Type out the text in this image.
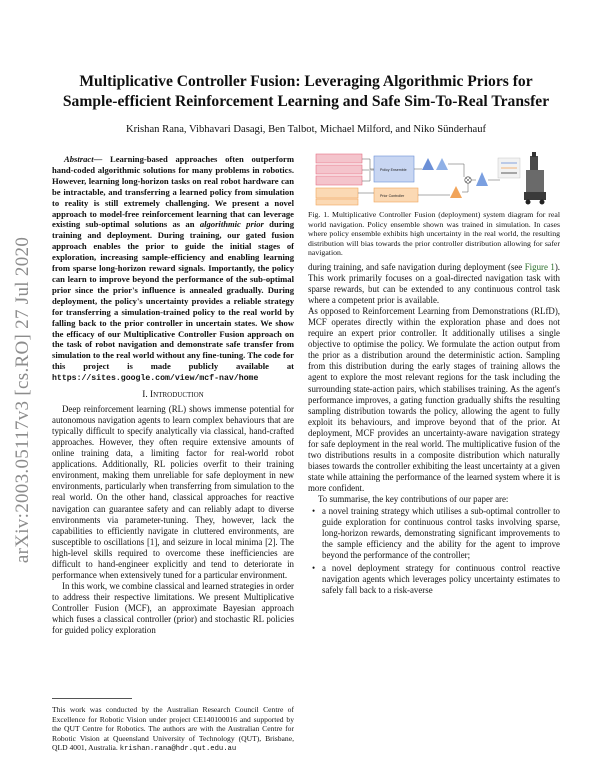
arXiv:2003.05117v3 [cs.RO] 27 Jul 2020
Multiplicative Controller Fusion: Leveraging Algorithmic Priors for
Sample-efficient Reinforcement Learning and Safe Sim-To-Real Transfer
Krishan Rana, Vibhavari Dasagi, Ben Talbot, Michael Milford, and Niko Sünderhauf
Policy Ensemble
Prior Controller
Fig. 1. Multiplicative Controller Fusion (deployment) system diagram for real world navigation. Policy ensemble shown was trained in simulation. In cases where policy ensemble exhibits high uncertainty in the real world, the resulting distribution will bias towards the prior controller distribution allowing for safer navigation.

Abstract— Learning-based approaches often outperform hand-coded algorithmic solutions for many problems in robotics. However, learning long-horizon tasks on real robot hardware can be intractable, and transferring a learned policy from simulation to reality is still extremely challenging. We present a novel approach to model-free reinforcement learning that can leverage existing sub-optimal solutions as an algorithmic prior during training and deployment. During training, our gated fusion approach enables the prior to guide the initial stages of exploration, increasing sample-efficiency and enabling learning from sparse long-horizon reward signals. Importantly, the policy can learn to improve beyond the performance of the sub-optimal prior since the prior's influence is annealed gradually. During deployment, the policy's uncertainty provides a reliable strategy for transferring a simulation-trained policy to the real world by falling back to the prior controller in uncertain states. We show the efficacy of our Multiplicative Controller Fusion approach on the task of robot navigation and demonstrate safe transfer from simulation to the real world without any fine-tuning. The code for this project is made publicly available at https://sites.google.com/view/mcf-nav/home

I. Introduction

Deep reinforcement learning (RL) shows immense potential for autonomous navigation agents to learn complex behaviours that are typically difficult to specify analytically via classical, hand-crafted approaches. However, they often require extensive amounts of online training data, a limiting factor for real-world robot applications. Additionally, RL policies overfit to their training environment, making them unreliable for safe deployment in new environments, particularly when transferring from simulation to the real world. On the other hand, classical approaches for reactive navigation can guarantee safety and can reliably adapt to diverse environments via parameter-tuning. They, however, lack the capabilities to efficiently navigate in cluttered environments, are susceptible to oscillations [1], and seizure in local minima [2]. The high-level skills required to overcome these inefficiencies are difficult to hand-engineer explicitly and tend to deteriorate in performance when extensively tuned for a particular environment.

In this work, we combine classical and learned strategies in order to address their respective limitations. We present Multiplicative Controller Fusion (MCF), an approximate Bayesian approach which fuses a classical controller (prior) and stochastic RL policies for guided policy exploration

This work was conducted by the Australian Research Council Centre of Excellence for Robotic Vision under project CE140100016 and supported by the QUT Centre for Robotics. The authors are with the Australian Centre for Robotic Vision at Queensland University of Technology (QUT), Brisbane, QLD 4001, Australia. krishan.rana@hdr.qut.edu.au

during training, and safe navigation during deployment (see Figure 1). This work primarily focuses on a goal-directed navigation task with sparse rewards, but can be extended to any continuous control task where a competent prior is available.

As opposed to Reinforcement Learning from Demonstrations (RLfD), MCF operates directly within the exploration phase and does not require an expert prior controller. It additionally utilises a single objective to optimise the policy. We formulate the action output from the prior as a distribution around the deterministic action. Sampling from this distribution during the early stages of training allows the agent to explore the most relevant regions for the task including the surrounding state-action pairs, which stabilises training. As the agent's performance improves, a gating function gradually shifts the resulting sampling distribution towards the policy, allowing the agent to fully exploit its behaviours, and improve beyond that of the prior. At deployment, MCF provides an uncertainty-aware navigation strategy for safe deployment in the real world. The multiplicative fusion of the two distributions results in a composite distribution which naturally biases towards the controller exhibiting the least uncertainty at a given state while attaining the performance of the learned system where it is more confident.

To summarise, the key contributions of our paper are:

• a novel training strategy which utilises a sub-optimal controller to guide exploration for continuous control tasks involving sparse, long-horizon rewards, demonstrating significant improvements to the sample efficiency and the ability for the agent to improve beyond the performance of the controller;
• a novel deployment strategy for continuous control reactive navigation agents which leverages policy uncertainty estimates to safely fall back to a risk-averse
